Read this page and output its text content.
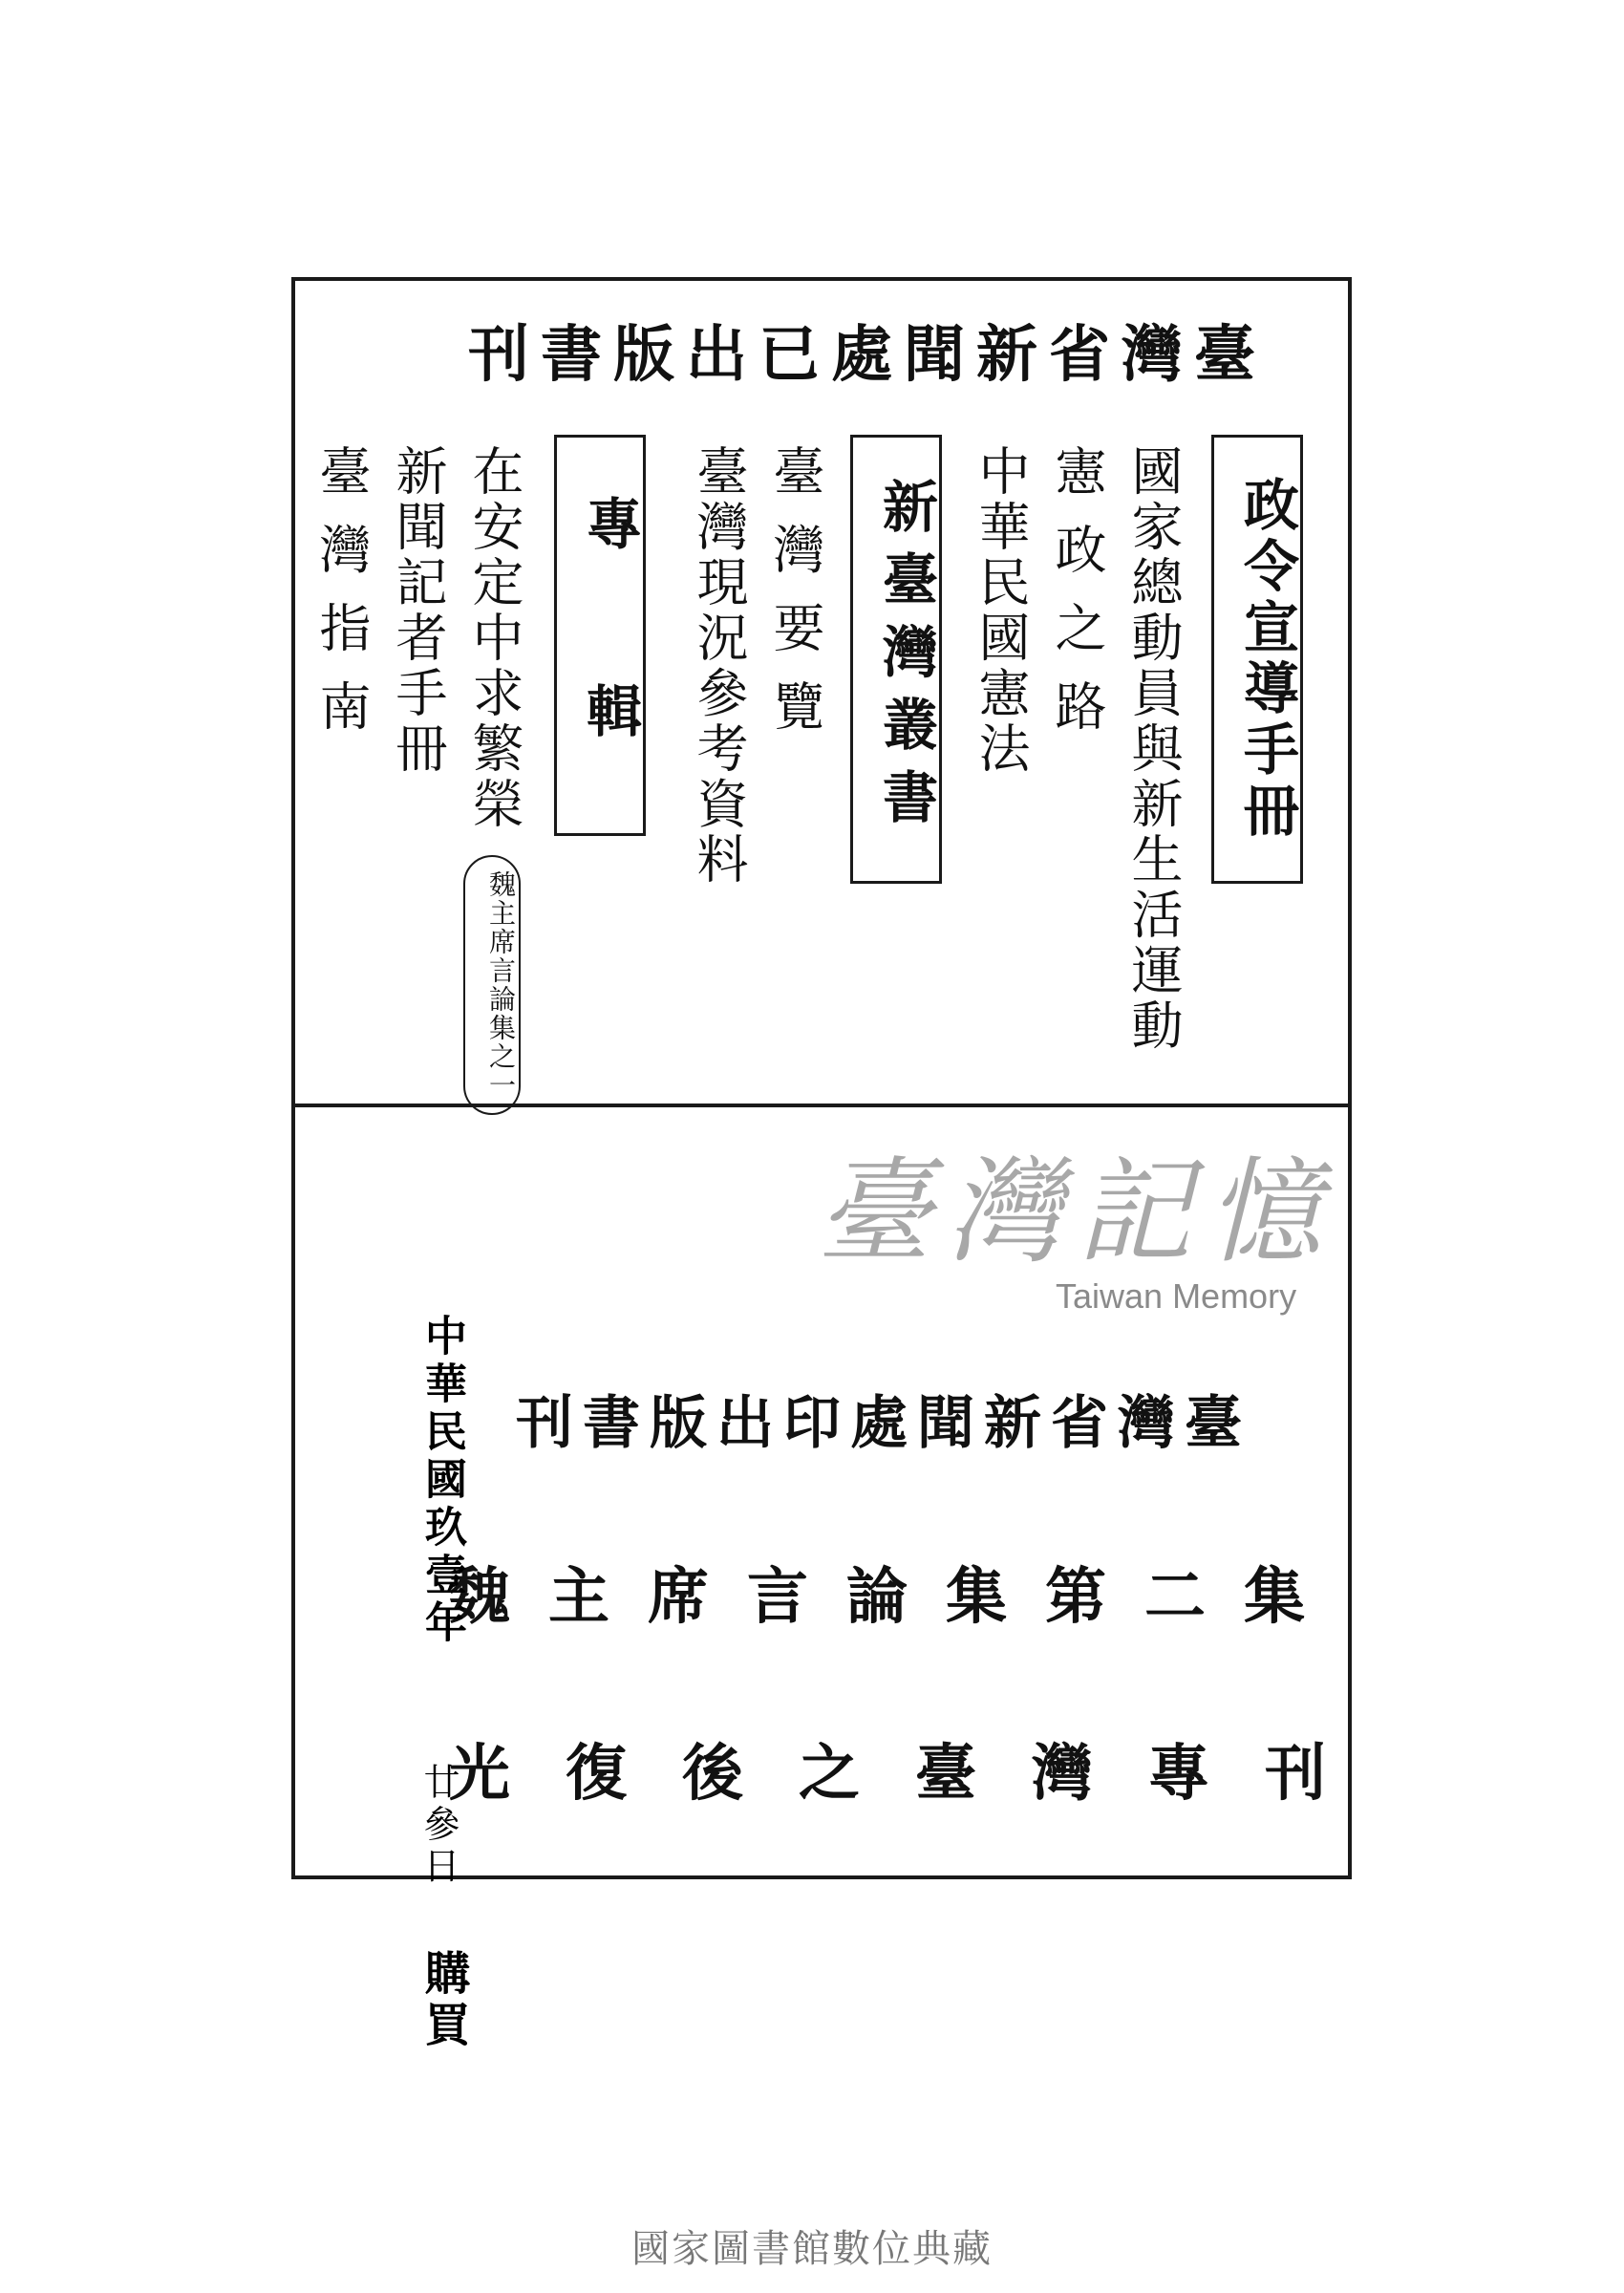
刊書版出已處聞新省灣臺
政令宣導手冊
國家總動員與新生活運動
憲政之路
中華民國憲法
新臺灣叢書
臺灣要覽
臺灣現況參考資料
專　輯
在安定中求繁榮
魏主席言論集之一
新聞記者手冊
臺灣指南
臺灣記憶
Taiwan Memory
刊書版出印處聞新省灣臺
魏主席言論集第二集
光復後之臺灣專刊
中華民國玖壹年
廿參日
購買
國家圖書館數位典藏
